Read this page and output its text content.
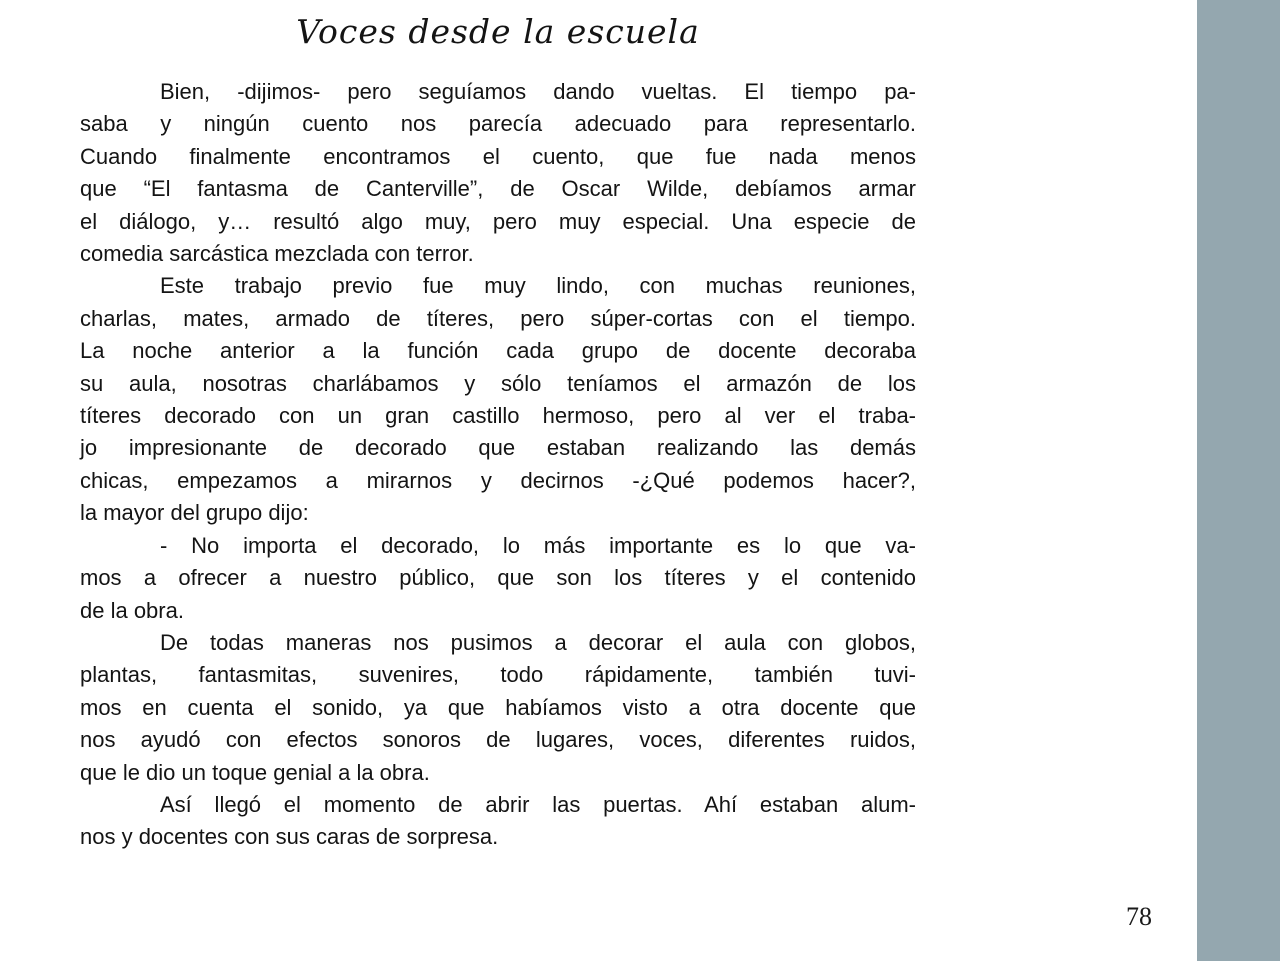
Voces desde la escuela
Bien, -dijimos- pero seguíamos dando vueltas. El tiempo pa-
saba y ningún cuento nos parecía adecuado para representarlo.
Cuando finalmente encontramos el cuento, que fue nada menos
que “El fantasma de Canterville”, de Oscar Wilde, debíamos armar
el diálogo, y… resultó algo muy, pero muy especial. Una especie de
comedia sarcástica mezclada con terror.
Este trabajo previo fue muy lindo, con muchas reuniones,
charlas, mates, armado de títeres, pero súper-cortas con el tiempo.
La noche anterior a la función cada grupo de docente decoraba
su aula, nosotras charlábamos y sólo teníamos el armazón de los
títeres decorado con un gran castillo hermoso, pero al ver el traba-
jo impresionante de decorado que estaban realizando las demás
chicas, empezamos a mirarnos y decirnos -¿Qué podemos hacer?,
la mayor del grupo dijo:
- No importa el decorado, lo más importante es lo que va-
mos a ofrecer a nuestro público, que son los títeres y el contenido
de la obra.
De todas maneras nos pusimos a decorar el aula con globos,
plantas, fantasmitas, suvenires, todo rápidamente, también tuvi-
mos en cuenta el sonido, ya que habíamos visto a otra docente que
nos ayudó con efectos sonoros de lugares, voces, diferentes ruidos,
que le dio un toque genial a la obra.
Así llegó el momento de abrir las puertas. Ahí estaban alum-
nos y docentes con sus caras de sorpresa.
78
